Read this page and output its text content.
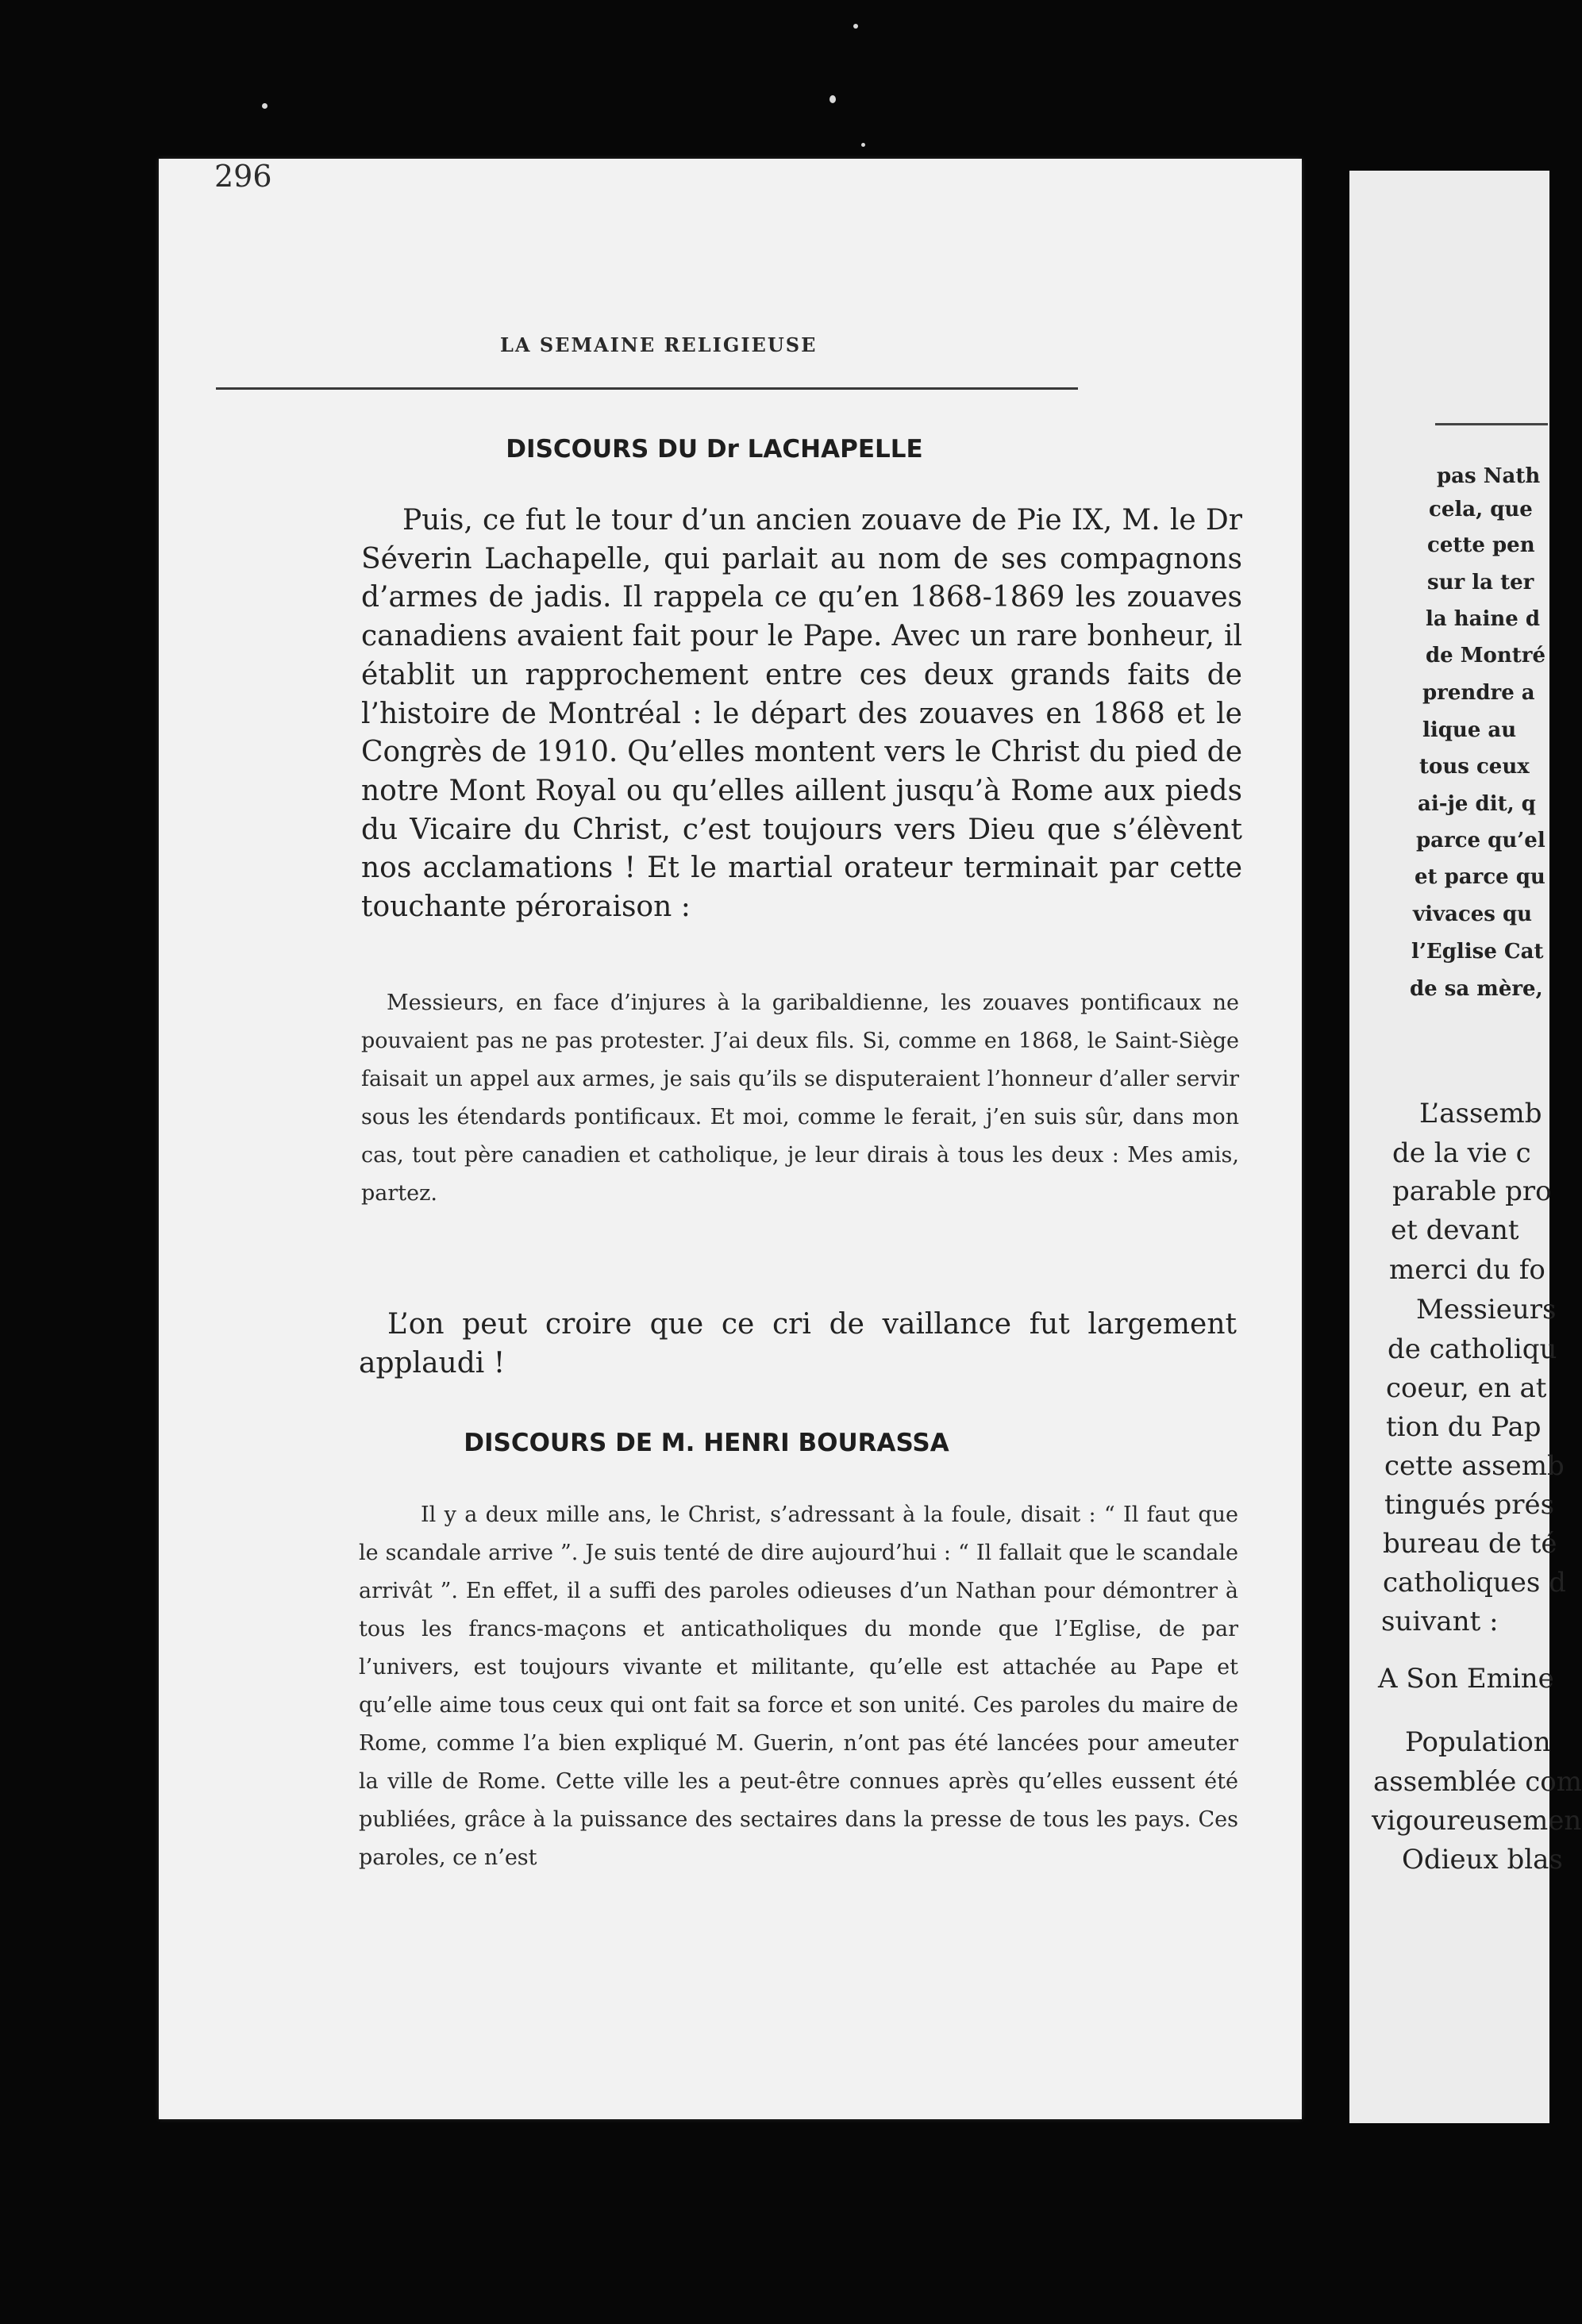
296
LA SEMAINE RELIGIEUSE
DISCOURS DU Dr LACHAPELLE
Puis, ce fut le tour d’un ancien zouave de Pie IX, M. le Dr Séverin Lachapelle, qui parlait au nom de ses compagnons d’armes de jadis. Il rappela ce qu’en 1868-1869 les zouaves canadiens avaient fait pour le Pape. Avec un rare bonheur, il établit un rapprochement entre ces deux grands faits de l’histoire de Montréal : le départ des zouaves en 1868 et le Congrès de 1910. Qu’elles montent vers le Christ du pied de notre Mont Royal ou qu’elles aillent jusqu’à Rome aux pieds du Vicaire du Christ, c’est toujours vers Dieu que s’élèvent nos acclamations ! Et le martial orateur terminait par cette touchante péroraison :
Messieurs, en face d’injures à la garibaldienne, les zouaves pontificaux ne pouvaient pas ne pas protester. J’ai deux fils. Si, comme en 1868, le Saint-Siège faisait un appel aux armes, je sais qu’ils se disputeraient l’honneur d’aller servir sous les étendards pontificaux. Et moi, comme le ferait, j’en suis sûr, dans mon cas, tout père canadien et catholique, je leur dirais à tous les deux : Mes amis, partez.
L’on peut croire que ce cri de vaillance fut largement applaudi !
DISCOURS DE M. HENRI BOURASSA
Il y a deux mille ans, le Christ, s’adressant à la foule, disait : “ Il faut que le scandale arrive ”. Je suis tenté de dire aujourd’hui : “ Il fallait que le scandale arrivât ”. En effet, il a suffi des paroles odieuses d’un Nathan pour démontrer à tous les francs-maçons et anticatholiques du monde que l’Eglise, de par l’univers, est toujours vivante et militante, qu’elle est attachée au Pape et qu’elle aime tous ceux qui ont fait sa force et son unité. Ces paroles du maire de Rome, comme l’a bien expliqué M. Guerin, n’ont pas été lancées pour ameuter la ville de Rome. Cette ville les a peut-être connues après qu’elles eussent été publiées, grâce à la puissance des sectaires dans la presse de tous les pays. Ces paroles, ce n’est
pas Nath
cela, que
cette pen
sur la ter
la haine d
de Montré
prendre a
lique au
tous ceux
ai-je dit, q
parce qu’el
et parce qu
vivaces qu
l’Eglise Cat
de sa mère,
L’assemb
de la vie c
parable pro
et devant
merci du fo
Messieurs
de catholiqu
coeur, en at
tion du Pap
cette assemb
tingués prés
bureau de té
catholiques d
suivant :
A Son Emine
Population
assemblée com
vigoureusemen
Odieux blas
